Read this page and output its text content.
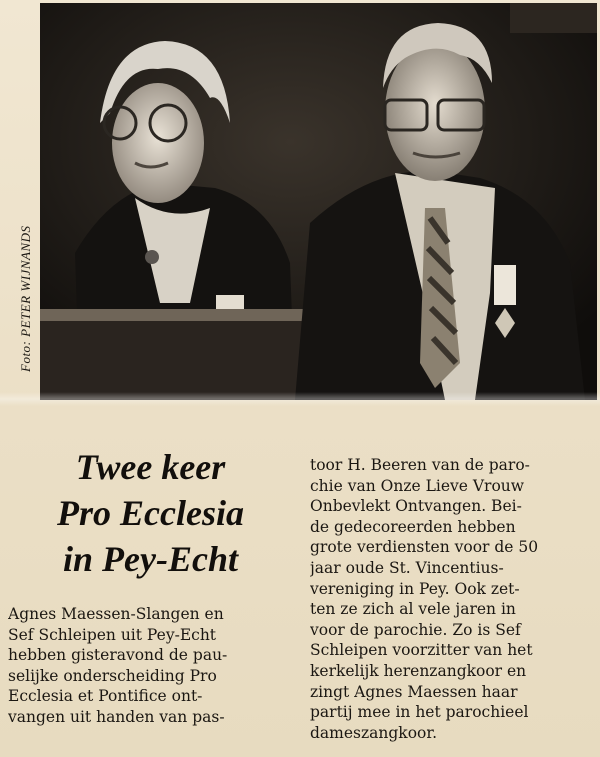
Foto: PETER WIJNANDS
Twee keer
Pro Ecclesia
in Pey-Echt
Agnes Maessen-Slangen en
Sef Schleipen uit Pey-Echt
hebben gisteravond de pau-
selijke onderscheiding Pro
Ecclesia et Pontifice ont-
vangen uit handen van pas-
toor H. Beeren van de paro-
chie van Onze Lieve Vrouw
Onbevlekt Ontvangen. Bei-
de gedecoreerden hebben
grote verdiensten voor de 50
jaar oude St. Vincentius-
vereniging in Pey. Ook zet-
ten ze zich al vele jaren in
voor de parochie. Zo is Sef
Schleipen voorzitter van het
kerkelijk herenzangkoor en
zingt Agnes Maessen haar
partij mee in het parochieel
dameszangkoor.
